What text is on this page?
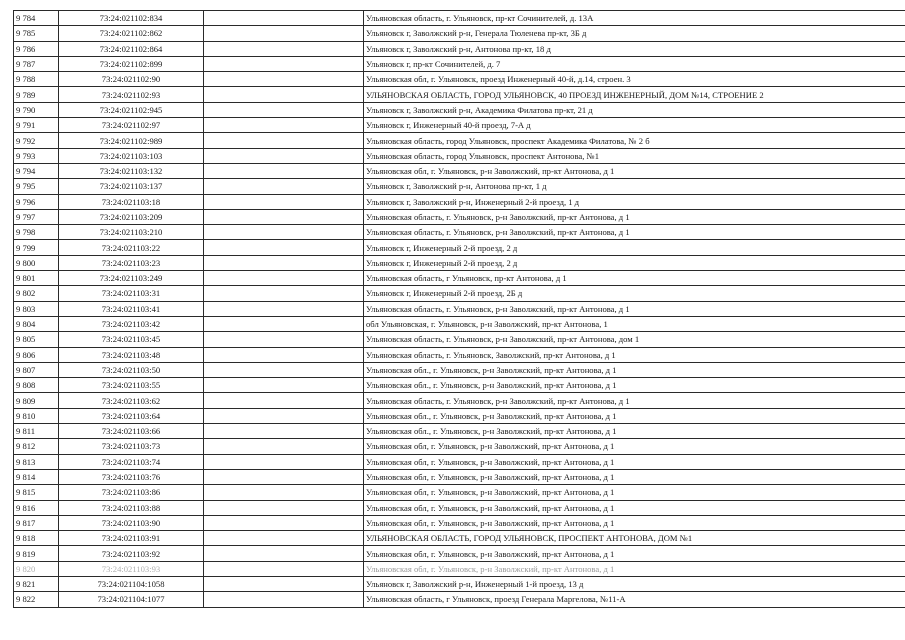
9 784	73:24:021102:834		Ульяновская область, г. Ульяновск, пр-кт Сочинителей, д. 13А
9 785	73:24:021102:862		Ульяновск г, Заволжский р-н, Генерала Тюленева пр-кт, 3Б д
9 786	73:24:021102:864		Ульяновск г, Заволжский р-н, Антонова пр-кт, 18 д
9 787	73:24:021102:899		Ульяновск г, пр-кт Сочинителей, д. 7
9 788	73:24:021102:90		Ульяновская обл, г. Ульяновск, проезд Инженерный 40-й, д.14, строен. 3
9 789	73:24:021102:93		УЛЬЯНОВСКАЯ ОБЛАСТЬ, ГОРОД УЛЬЯНОВСК, 40 ПРОЕЗД ИНЖЕНЕРНЫЙ, ДОМ №14, СТРОЕНИЕ 2
9 790	73:24:021102:945		Ульяновск г, Заволжский р-н, Академика Филатова пр-кт, 21 д
9 791	73:24:021102:97		Ульяновск г, Инженерный 40-й проезд, 7-А д
9 792	73:24:021102:989		Ульяновская область, город Ульяновск, проспект Академика Филатова, № 2 б
9 793	73:24:021103:103		Ульяновская область, город Ульяновск, проспект Антонова, №1
9 794	73:24:021103:132		Ульяновская обл, г. Ульяновск, р-н Заволжский, пр-кт Антонова, д 1
9 795	73:24:021103:137		Ульяновск г, Заволжский р-н, Антонова пр-кт, 1 д
9 796	73:24:021103:18		Ульяновск г, Заволжский р-н, Инженерный 2-й проезд, 1 д
9 797	73:24:021103:209		Ульяновская область, г. Ульяновск, р-н Заволжский, пр-кт Антонова, д 1
9 798	73:24:021103:210		Ульяновская область, г. Ульяновск, р-н Заволжский, пр-кт Антонова, д 1
9 799	73:24:021103:22		Ульяновск г, Инженерный 2-й проезд, 2 д
9 800	73:24:021103:23		Ульяновск г, Инженерный 2-й проезд, 2 д
9 801	73:24:021103:249		Ульяновская область, г Ульяновск, пр-кт Антонова, д 1
9 802	73:24:021103:31		Ульяновск г, Инженерный 2-й проезд, 2Б д
9 803	73:24:021103:41		Ульяновская область, г. Ульяновск, р-н Заволжский, пр-кт Антонова, д 1
9 804	73:24:021103:42		обл Ульяновская, г. Ульяновск, р-н Заволжский, пр-кт Антонова, 1
9 805	73:24:021103:45		Ульяновская область, г. Ульяновск, р-н Заволжский, пр-кт Антонова, дом 1
9 806	73:24:021103:48		Ульяновская область, г. Ульяновск, Заволжский, пр-кт Антонова, д 1
9 807	73:24:021103:50		Ульяновская обл., г. Ульяновск, р-н Заволжский, пр-кт Антонова, д 1
9 808	73:24:021103:55		Ульяновская обл., г. Ульяновск, р-н Заволжский, пр-кт Антонова, д 1
9 809	73:24:021103:62		Ульяновская область, г. Ульяновск, р-н Заволжский, пр-кт Антонова, д 1
9 810	73:24:021103:64		Ульяновская обл., г. Ульяновск, р-н Заволжский, пр-кт Антонова, д 1
9 811	73:24:021103:66		Ульяновская обл., г. Ульяновск, р-н Заволжский, пр-кт Антонова, д 1
9 812	73:24:021103:73		Ульяновская обл, г. Ульяновск, р-н Заволжский, пр-кт Антонова, д 1
9 813	73:24:021103:74		Ульяновская обл, г. Ульяновск, р-н Заволжский, пр-кт Антонова, д 1
9 814	73:24:021103:76		Ульяновская обл, г. Ульяновск, р-н Заволжский, пр-кт Антонова, д 1
9 815	73:24:021103:86		Ульяновская обл, г. Ульяновск, р-н Заволжский, пр-кт Антонова, д 1
9 816	73:24:021103:88		Ульяновская обл, г. Ульяновск, р-н Заволжский, пр-кт Антонова, д 1
9 817	73:24:021103:90		Ульяновская обл, г. Ульяновск, р-н Заволжский, пр-кт Антонова, д 1
9 818	73:24:021103:91		УЛЬЯНОВСКАЯ ОБЛАСТЬ, ГОРОД УЛЬЯНОВСК, ПРОСПЕКТ АНТОНОВА, ДОМ №1
9 819	73:24:021103:92		Ульяновская обл, г. Ульяновск, р-н Заволжский, пр-кт Антонова, д 1
9 820	73:24:021103:93		Ульяновская обл, г. Ульяновск, р-н Заволжский, пр-кт Антонова, д 1
9 821	73:24:021104:1058		Ульяновск г, Заволжский р-н, Инженерный 1-й проезд, 13 д
9 822	73:24:021104:1077		Ульяновская область, г Ульяновск, проезд Генерала Маргелова, №11-А
